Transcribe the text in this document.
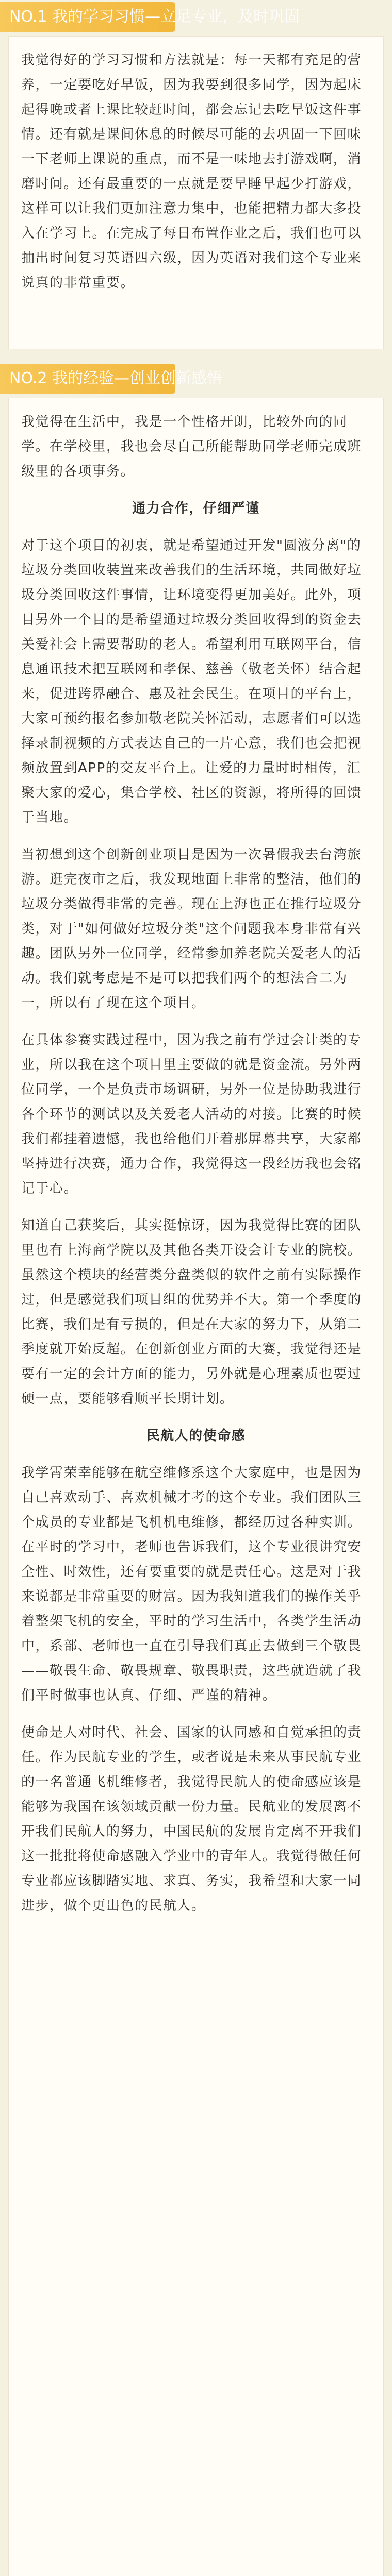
NO.1 我的学习习惯—立足专业，及时巩固

我觉得好的学习习惯和方法就是：每一天都有充足的营养，一定要吃好早饭，因为我要到很多同学，因为起床起得晚或者上课比较赶时间，都会忘记去吃早饭这件事情。还有就是课间休息的时候尽可能的去巩固一下回味一下老师上课说的重点，而不是一味地去打游戏啊，消磨时间。还有最重要的一点就是要早睡早起少打游戏，这样可以让我们更加注意力集中，也能把精力都大多投入在学习上。在完成了每日布置作业之后，我们也可以抽出时间复习英语四六级，因为英语对我们这个专业来说真的非常重要。

NO.2 我的经验—创业创新感悟

我觉得在生活中，我是一个性格开朗，比较外向的同学。在学校里，我也会尽自己所能帮助同学老师完成班级里的各项事务。

通力合作，仔细严谨

对于这个项目的初衷，就是希望通过开发"圆液分离"的垃圾分类回收装置来改善我们的生活环境，共同做好垃圾分类回收这件事情，让环境变得更加美好。此外，项目另外一个目的是希望通过垃圾分类回收得到的资金去关爱社会上需要帮助的老人。希望利用互联网平台，信息通讯技术把互联网和孝保、慈善（敬老关怀）结合起来，促进跨界融合、惠及社会民生。在项目的平台上，大家可预约报名参加敬老院关怀活动，志愿者们可以选择录制视频的方式表达自己的一片心意，我们也会把视频放置到APP的交友平台上。让爱的力量时时相传，汇聚大家的爱心，集合学校、社区的资源，将所得的回馈于当地。

当初想到这个创新创业项目是因为一次暑假我去台湾旅游。逛完夜市之后，我发现地面上非常的整洁，他们的垃圾分类做得非常的完善。现在上海也正在推行垃圾分类，对于"如何做好垃圾分类"这个问题我本身非常有兴趣。团队另外一位同学，经常参加养老院关爱老人的活动。我们就考虑是不是可以把我们两个的想法合二为一，所以有了现在这个项目。

在具体参赛实践过程中，因为我之前有学过会计类的专业，所以我在这个项目里主要做的就是资金流。另外两位同学，一个是负责市场调研，另外一位是协助我进行各个环节的测试以及关爱老人活动的对接。比赛的时候我们都挂着遗憾，我也给他们开着那屏幕共享，大家都坚持进行决赛，通力合作，我觉得这一段经历我也会铭记于心。

知道自己获奖后，其实挺惊讶，因为我觉得比赛的团队里也有上海商学院以及其他各类开设会计专业的院校。虽然这个模块的经营类分盘类似的软件之前有实际操作过，但是感觉我们项目组的优势并不大。第一个季度的比赛，我们是有亏损的，但是在大家的努力下，从第二季度就开始反超。在创新创业方面的大赛，我觉得还是要有一定的会计方面的能力，另外就是心理素质也要过硬一点，要能够看顺平长期计划。

民航人的使命感

我学霄荣幸能够在航空维修系这个大家庭中，也是因为自己喜欢动手、喜欢机械才考的这个专业。我们团队三个成员的专业都是飞机机电维修，都经历过各种实训。在平时的学习中，老师也告诉我们，这个专业很讲究安全性、时效性，还有要重要的就是责任心。这是对于我来说都是非常重要的财富。因为我知道我们的操作关乎着整架飞机的安全，平时的学习生活中，各类学生活动中，系部、老师也一直在引导我们真正去做到三个敬畏——敬畏生命、敬畏规章、敬畏职责，这些就造就了我们平时做事也认真、仔细、严谨的精神。

使命是人对时代、社会、国家的认同感和自觉承担的责任。作为民航专业的学生，或者说是未来从事民航专业的一名普通飞机维修者，我觉得民航人的使命感应该是能够为我国在该领域贡献一份力量。民航业的发展离不开我们民航人的努力，中国民航的发展肯定离不开我们这一批批将使命感融入学业中的青年人。我觉得做任何专业都应该脚踏实地、求真、务实，我希望和大家一同进步，做个更出色的民航人。
